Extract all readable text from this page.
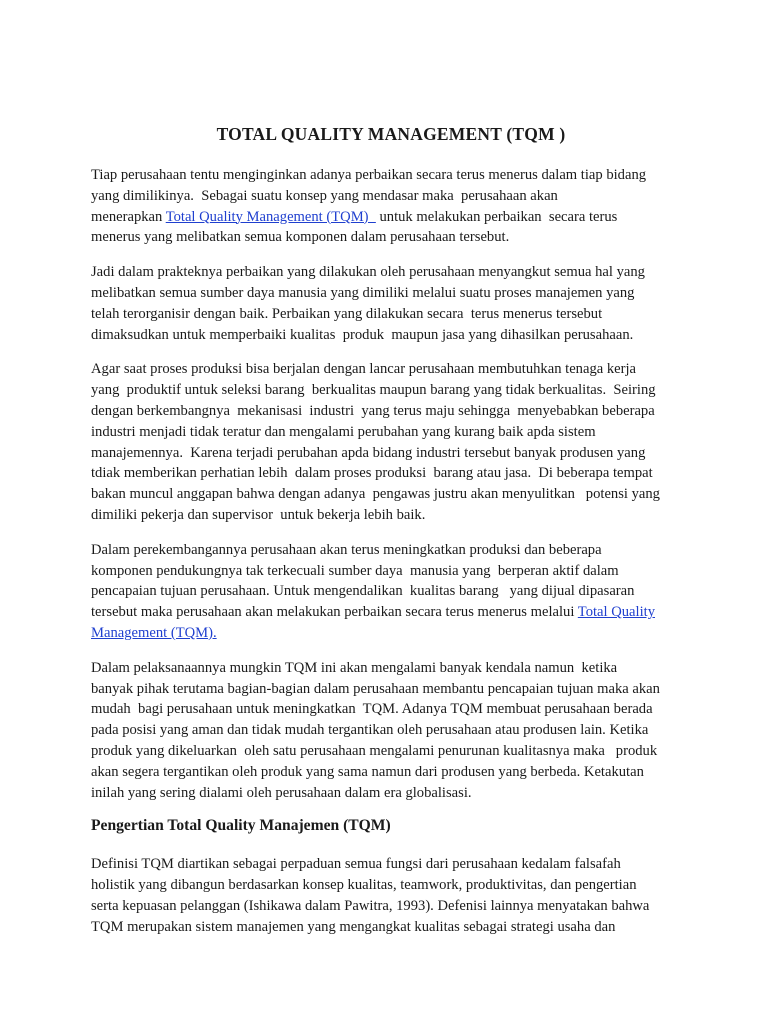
TOTAL QUALITY MANAGEMENT (TQM )
Tiap perusahaan tentu menginginkan adanya perbaikan secara terus menerus dalam tiap bidang
yang dimilikinya.  Sebagai suatu konsep yang mendasar maka  perusahaan akan
menerapkan Total Quality Management (TQM)   untuk melakukan perbaikan  secara terus
menerus yang melibatkan semua komponen dalam perusahaan tersebut.
Jadi dalam prakteknya perbaikan yang dilakukan oleh perusahaan menyangkut semua hal yang
melibatkan semua sumber daya manusia yang dimiliki melalui suatu proses manajemen yang
telah terorganisir dengan baik. Perbaikan yang dilakukan secara  terus menerus tersebut
dimaksudkan untuk memperbaiki kualitas  produk  maupun jasa yang dihasilkan perusahaan.
Agar saat proses produksi bisa berjalan dengan lancar perusahaan membutuhkan tenaga kerja
yang  produktif untuk seleksi barang  berkualitas maupun barang yang tidak berkualitas.  Seiring
dengan berkembangnya  mekanisasi  industri  yang terus maju sehingga  menyebabkan beberapa
industri menjadi tidak teratur dan mengalami perubahan yang kurang baik apda sistem
manajemennya.  Karena terjadi perubahan apda bidang industri tersebut banyak produsen yang
tdiak memberikan perhatian lebih  dalam proses produksi  barang atau jasa.  Di beberapa tempat
bakan muncul anggapan bahwa dengan adanya  pengawas justru akan menyulitkan   potensi yang
dimiliki pekerja dan supervisor  untuk bekerja lebih baik.
Dalam perekembangannya perusahaan akan terus meningkatkan produksi dan beberapa
komponen pendukungnya tak terkecuali sumber daya  manusia yang  berperan aktif dalam
pencapaian tujuan perusahaan. Untuk mengendalikan  kualitas barang   yang dijual dipasaran
tersebut maka perusahaan akan melakukan perbaikan secara terus menerus melalui Total Quality
Management (TQM).
Dalam pelaksanaannya mungkin TQM ini akan mengalami banyak kendala namun  ketika
banyak pihak terutama bagian-bagian dalam perusahaan membantu pencapaian tujuan maka akan
mudah  bagi perusahaan untuk meningkatkan  TQM. Adanya TQM membuat perusahaan berada
pada posisi yang aman dan tidak mudah tergantikan oleh perusahaan atau produsen lain. Ketika
produk yang dikeluarkan  oleh satu perusahaan mengalami penurunan kualitasnya maka   produk
akan segera tergantikan oleh produk yang sama namun dari produsen yang berbeda. Ketakutan
inilah yang sering dialami oleh perusahaan dalam era globalisasi.
Pengertian Total Quality Manajemen (TQM)
Definisi TQM diartikan sebagai perpaduan semua fungsi dari perusahaan kedalam falsafah
holistik yang dibangun berdasarkan konsep kualitas, teamwork, produktivitas, dan pengertian
serta kepuasan pelanggan (Ishikawa dalam Pawitra, 1993). Defenisi lainnya menyatakan bahwa
TQM merupakan sistem manajemen yang mengangkat kualitas sebagai strategi usaha dan
